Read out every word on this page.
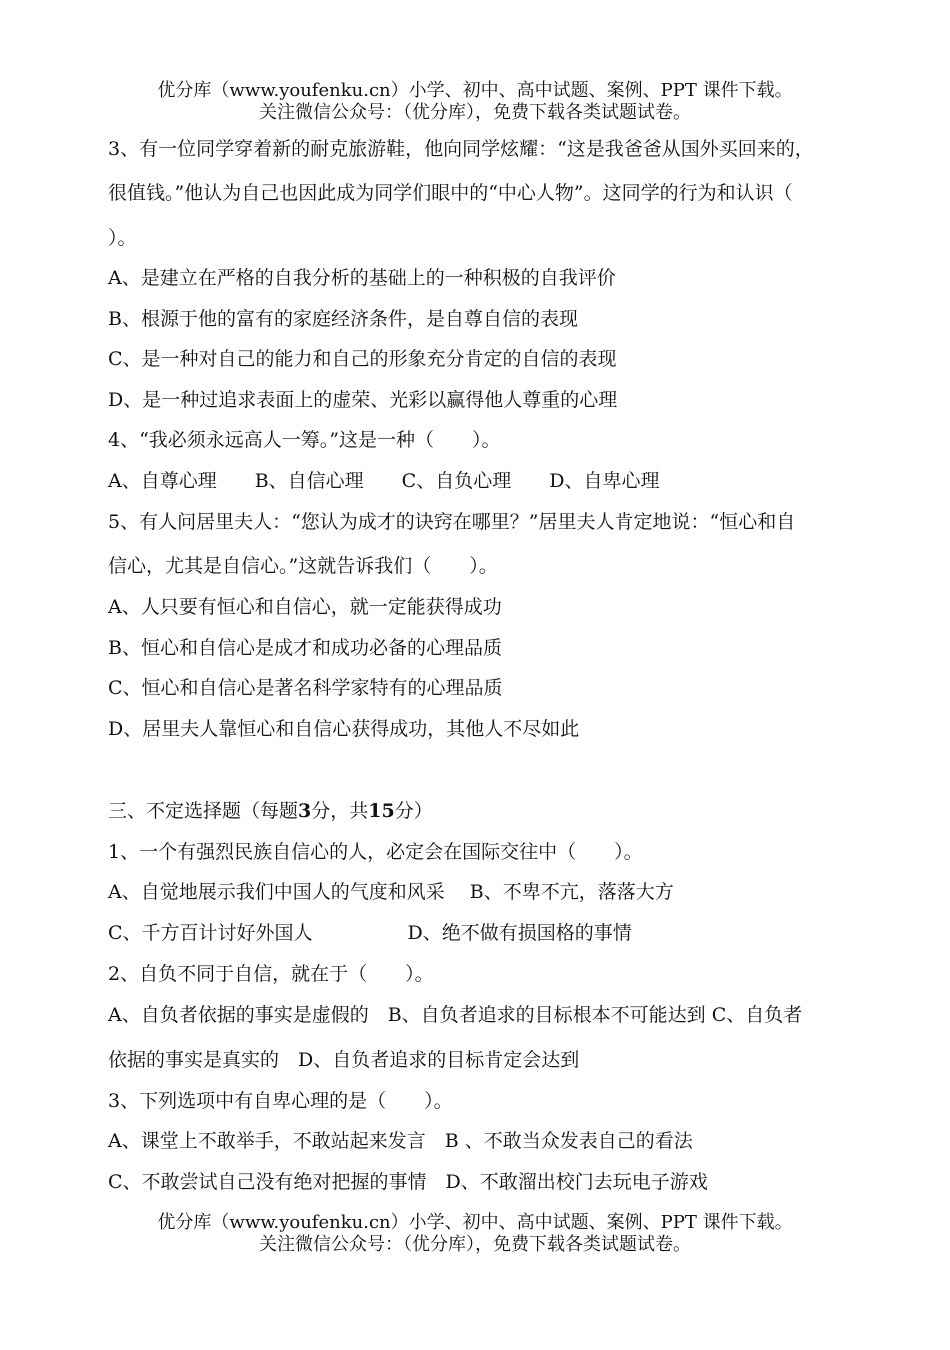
优分库（www.youfenku.cn）小学、初中、高中试题、案例、PPT 课件下载。
关注微信公众号：（优分库），免费下载各类试题试卷。
3、有一位同学穿着新的耐克旅游鞋，他向同学炫耀：“这是我爸爸从国外买回来的，
很值钱。”他认为自己也因此成为同学们眼中的“中心人物”。这同学的行为和认识（
）。
A、是建立在严格的自我分析的基础上的一种积极的自我评价
B、根源于他的富有的家庭经济条件，是自尊自信的表现
C、是一种对自己的能力和自己的形象充分肯定的自信的表现
D、是一种过追求表面上的虚荣、光彩以赢得他人尊重的心理
4、“我必须永远高人一筹。”这是一种（　　）。
A、自尊心理　　B、自信心理　　C、自负心理　　D、自卑心理
5、有人问居里夫人：“您认为成才的诀窍在哪里？”居里夫人肯定地说：“恒心和自
信心，尤其是自信心。”这就告诉我们（　　）。
A、人只要有恒心和自信心，就一定能获得成功
B、恒心和自信心是成才和成功必备的心理品质
C、恒心和自信心是著名科学家特有的心理品质
D、居里夫人靠恒心和自信心获得成功，其他人不尽如此
三、不定选择题（每题3分，共15分）
1、一个有强烈民族自信心的人，必定会在国际交往中（　　）。
A、自觉地展示我们中国人的气度和风采　 B、不卑不亢，落落大方
C、千方百计讨好外国人　　　　　D、绝不做有损国格的事情
2、自负不同于自信，就在于（　　）。
A、自负者依据的事实是虚假的　B、自负者追求的目标根本不可能达到 C、自负者
依据的事实是真实的　D、自负者追求的目标肯定会达到
3、下列选项中有自卑心理的是（　　）。
A、课堂上不敢举手，不敢站起来发言　B 、不敢当众发表自己的看法
C、不敢尝试自己没有绝对把握的事情　D、不敢溜出校门去玩电子游戏
优分库（www.youfenku.cn）小学、初中、高中试题、案例、PPT 课件下载。
关注微信公众号：（优分库），免费下载各类试题试卷。
